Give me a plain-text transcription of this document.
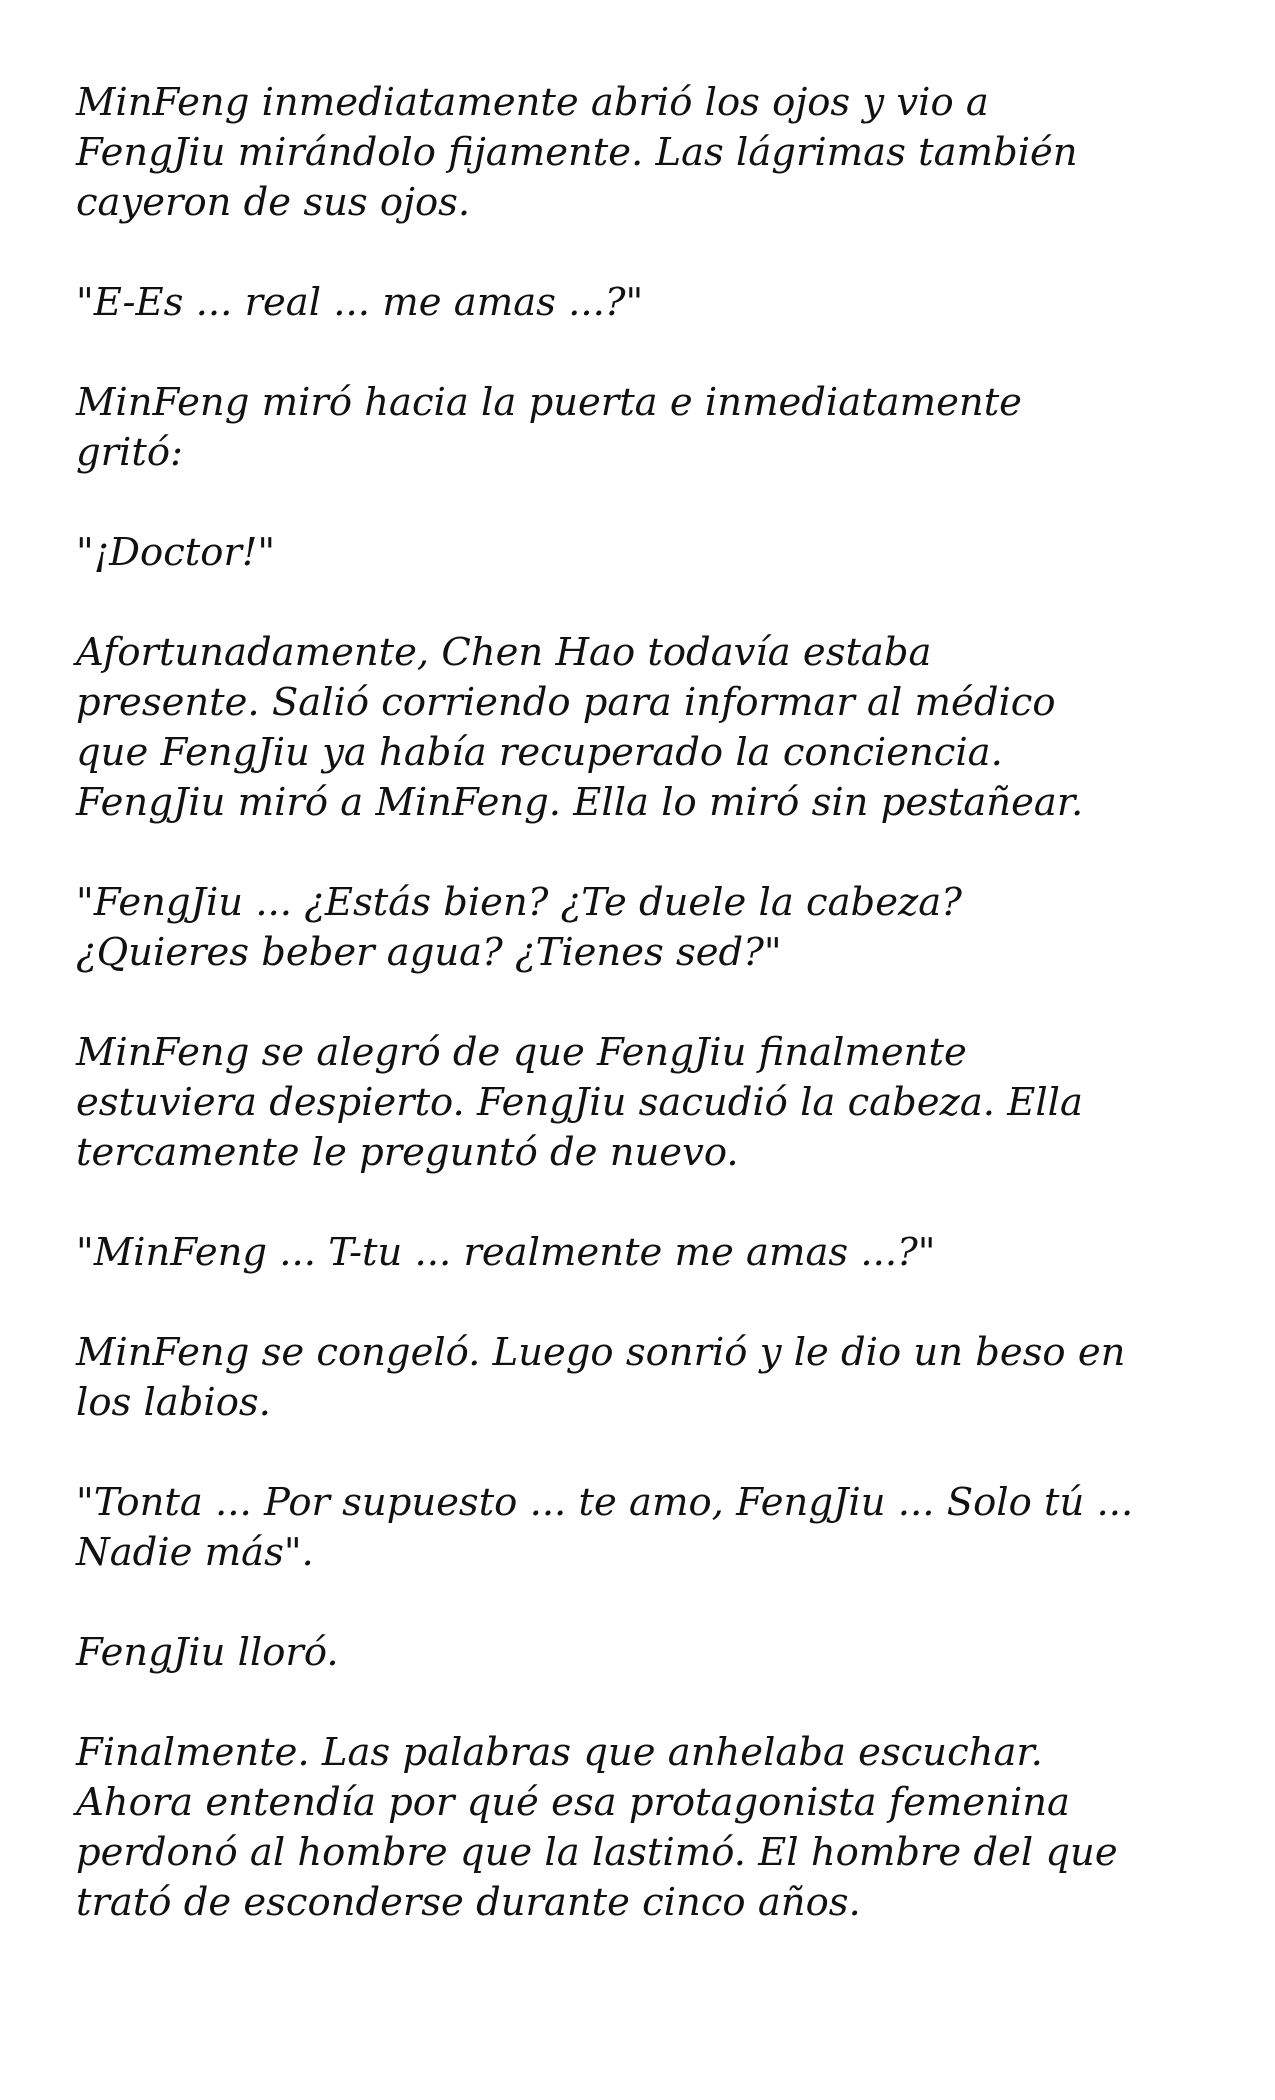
MinFeng inmediatamente abrió los ojos y vio a
FengJiu mirándolo fijamente. Las lágrimas también
cayeron de sus ojos.

"E-Es ... real ... me amas ...?"

MinFeng miró hacia la puerta e inmediatamente
gritó:

"¡Doctor!"

Afortunadamente, Chen Hao todavía estaba
presente. Salió corriendo para informar al médico
que FengJiu ya había recuperado la conciencia.
FengJiu miró a MinFeng. Ella lo miró sin pestañear.

"FengJiu ... ¿Estás bien? ¿Te duele la cabeza?
¿Quieres beber agua? ¿Tienes sed?"

MinFeng se alegró de que FengJiu finalmente
estuviera despierto. FengJiu sacudió la cabeza. Ella
tercamente le preguntó de nuevo.

"MinFeng ... T-tu ... realmente me amas ...?"

MinFeng se congeló. Luego sonrió y le dio un beso en
los labios.

"Tonta ... Por supuesto ... te amo, FengJiu ... Solo tú ...
Nadie más".

FengJiu lloró.

Finalmente. Las palabras que anhelaba escuchar.
Ahora entendía por qué esa protagonista femenina
perdonó al hombre que la lastimó. El hombre del que
trató de esconderse durante cinco años.
